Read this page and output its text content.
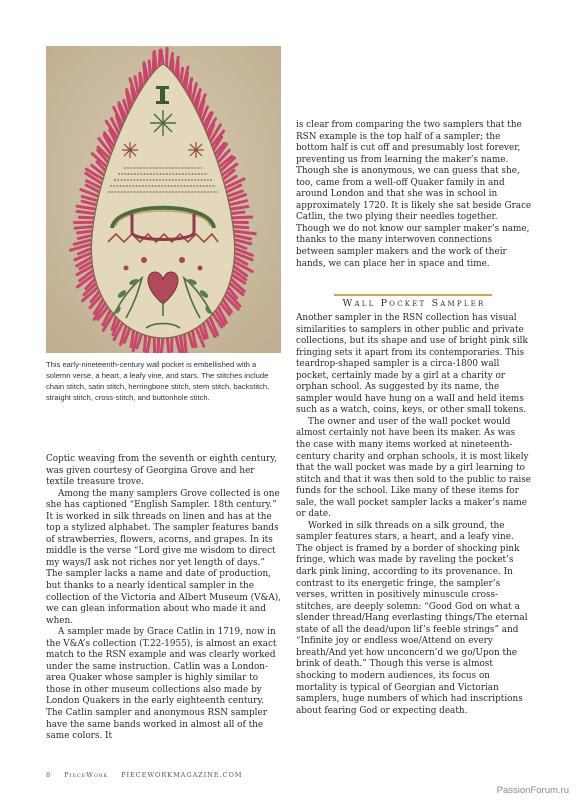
This early-nineteenth-century wall pocket is embellished with a solemn verse, a heart, a leafy vine, and stars. The stitches include chain stitch, satin stitch, herringbone stitch, stem stitch, backstitch, straight stitch, cross-stitch, and buttonhole stitch.

Coptic weaving from the seventh or eighth century, was given courtesy of Georgina Grove and her textile treasure trove.

Among the many samplers Grove collected is one she has captioned “English Sampler. 18th century.” It is worked in silk threads on linen and has at the top a stylized alphabet. The sampler features bands of strawberries, flowers, acorns, and grapes. In its middle is the verse “Lord give me wisdom to direct my ways/I ask not riches nor yet length of days.” The sampler lacks a name and date of production, but thanks to a nearly identical sampler in the collection of the Victoria and Albert Museum (V&A), we can glean information about who made it and when.

A sampler made by Grace Catlin in 1719, now in the V&A’s collection (T.22-1955), is almost an exact match to the RSN example and was clearly worked under the same instruction. Catlin was a London-area Quaker whose sampler is highly similar to those in other museum collections also made by London Quakers in the early eighteenth century. The Catlin sampler and anonymous RSN sampler have the same bands worked in almost all of the same colors. It

is clear from comparing the two samplers that the RSN example is the top half of a sampler; the bottom half is cut off and presumably lost forever, preventing us from learning the maker’s name. Though she is anonymous, we can guess that she, too, came from a well-off Quaker family in and around London and that she was in school in approximately 1720. It is likely she sat beside Grace Catlin, the two plying their needles together. Though we do not know our sampler maker’s name, thanks to the many interwoven connections between sampler makers and the work of their hands, we can place her in space and time.

Wall Pocket Sampler

Another sampler in the RSN collection has visual similarities to samplers in other public and private collections, but its shape and use of bright pink silk fringing sets it apart from its contemporaries. This teardrop-shaped sampler is a circa-1800 wall pocket, certainly made by a girl at a charity or orphan school. As suggested by its name, the sampler would have hung on a wall and held items such as a watch, coins, keys, or other small tokens.

The owner and user of the wall pocket would almost certainly not have been its maker. As was the case with many items worked at nineteenth-century charity and orphan schools, it is most likely that the wall pocket was made by a girl learning to stitch and that it was then sold to the public to raise funds for the school. Like many of these items for sale, the wall pocket sampler lacks a maker’s name or date.

Worked in silk threads on a silk ground, the sampler features stars, a heart, and a leafy vine. The object is framed by a border of shocking pink fringe, which was made by raveling the pocket’s dark pink lining, according to its provenance. In contrast to its energetic fringe, the sampler’s verses, written in positively minuscule cross-stitches, are deeply solemn: “Good God on what a slender thread/Hang everlasting things/The eternal state of all the dead/upon lif’s feeble strings” and “Infinite joy or endless woe/Attend on every breath/And yet how unconcern’d we go/Upon the brink of death.” Though this verse is almost shocking to modern audiences, its focus on mortality is typical of Georgian and Victorian samplers, huge numbers of which had inscriptions about fearing God or expecting death.

8 PieceWork PIECEWORKMAGAZINE.COM
PassionForum.ru
